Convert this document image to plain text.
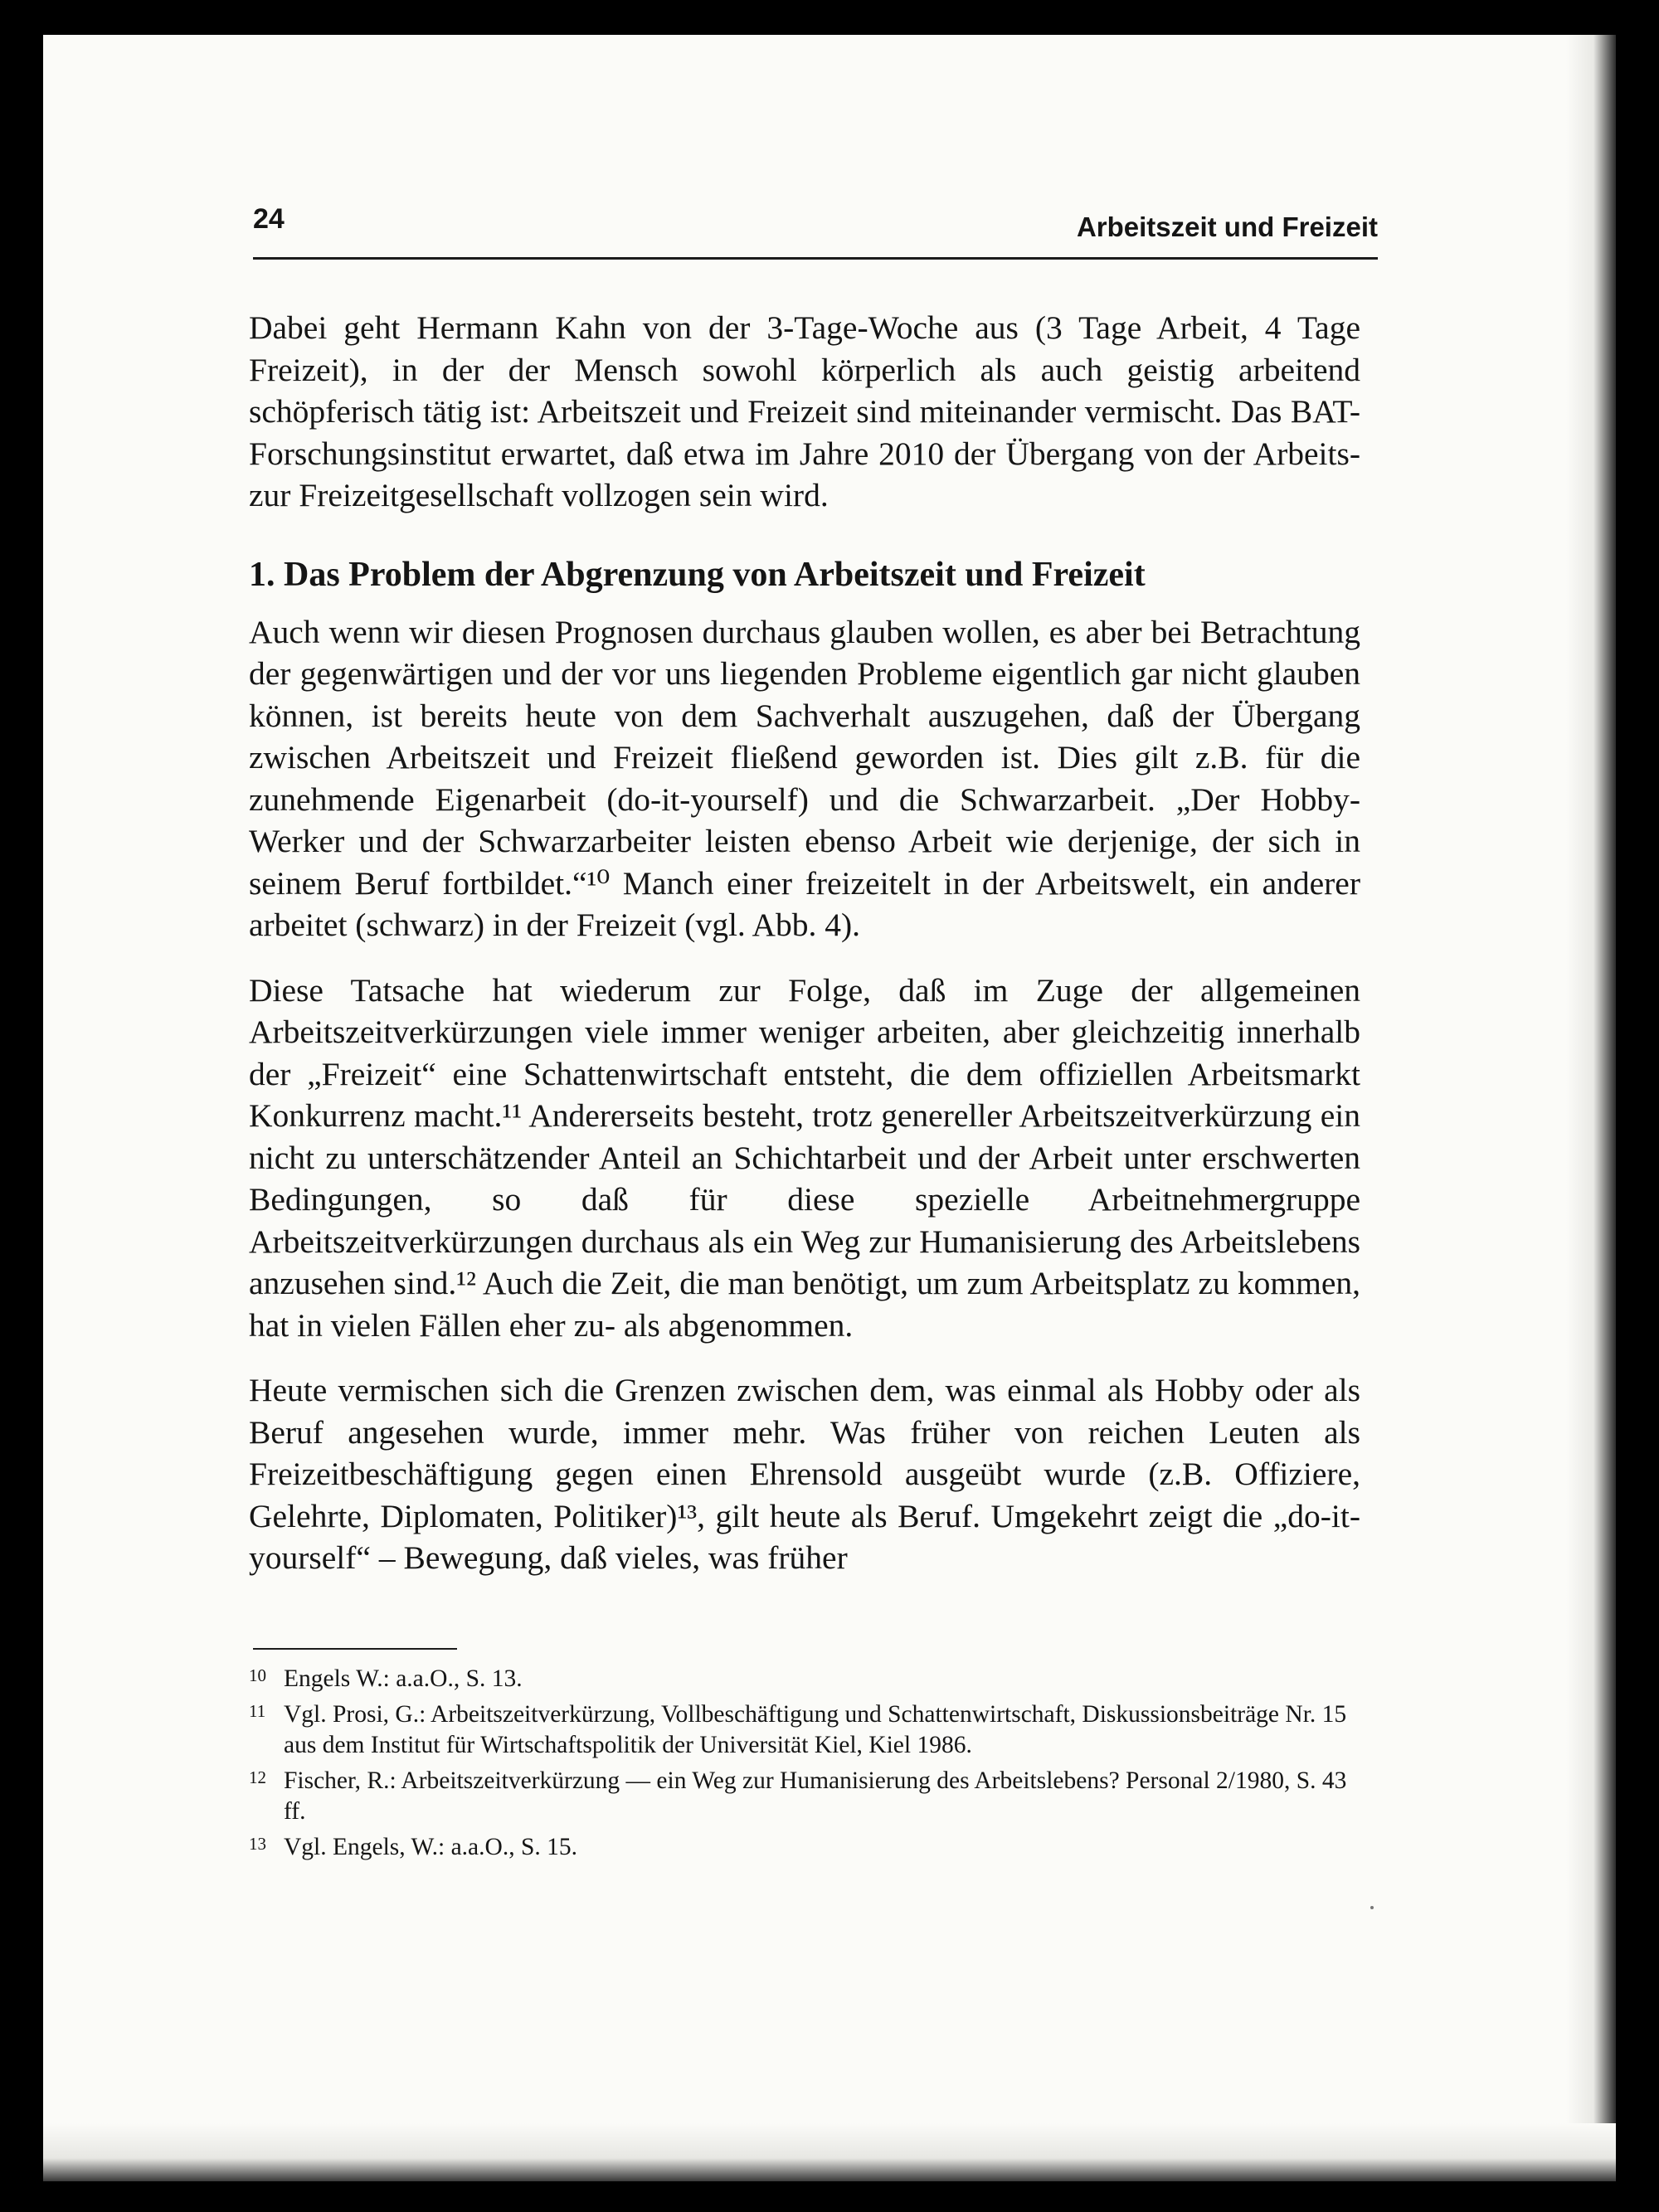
24	Arbeitszeit und Freizeit

Dabei geht Hermann Kahn von der 3-Tage-Woche aus (3 Tage Arbeit, 4 Tage Freizeit), in der der Mensch sowohl körperlich als auch geistig arbeitend schöpferisch tätig ist: Arbeitszeit und Freizeit sind miteinander vermischt. Das BAT-Forschungsinstitut erwartet, daß etwa im Jahre 2010 der Übergang von der Arbeits- zur Freizeitgesellschaft vollzogen sein wird.

1. Das Problem der Abgrenzung von Arbeitszeit und Freizeit

Auch wenn wir diesen Prognosen durchaus glauben wollen, es aber bei Betrachtung der gegenwärtigen und der vor uns liegenden Probleme eigentlich gar nicht glauben können, ist bereits heute von dem Sachverhalt auszugehen, daß der Übergang zwischen Arbeitszeit und Freizeit fließend geworden ist. Dies gilt z.B. für die zunehmende Eigenarbeit (do-it-yourself) und die Schwarzarbeit. „Der Hobby-Werker und der Schwarzarbeiter leisten ebenso Arbeit wie derjenige, der sich in seinem Beruf fortbildet.“¹⁰ Manch einer freizeitelt in der Arbeitswelt, ein anderer arbeitet (schwarz) in der Freizeit (vgl. Abb. 4).

Diese Tatsache hat wiederum zur Folge, daß im Zuge der allgemeinen Arbeitszeitverkürzungen viele immer weniger arbeiten, aber gleichzeitig innerhalb der „Freizeit“ eine Schattenwirtschaft entsteht, die dem offiziellen Arbeitsmarkt Konkurrenz macht.¹¹ Andererseits besteht, trotz genereller Arbeitszeitverkürzung ein nicht zu unterschätzender Anteil an Schichtarbeit und der Arbeit unter erschwerten Bedingungen, so daß für diese spezielle Arbeitnehmergruppe Arbeitszeitverkürzungen durchaus als ein Weg zur Humanisierung des Arbeitslebens anzusehen sind.¹² Auch die Zeit, die man benötigt, um zum Arbeitsplatz zu kommen, hat in vielen Fällen eher zu- als abgenommen.

Heute vermischen sich die Grenzen zwischen dem, was einmal als Hobby oder als Beruf angesehen wurde, immer mehr. Was früher von reichen Leuten als Freizeitbeschäftigung gegen einen Ehrensold ausgeübt wurde (z.B. Offiziere, Gelehrte, Diplomaten, Politiker)¹³, gilt heute als Beruf. Umgekehrt zeigt die „do-it-yourself“ – Bewegung, daß vieles, was früher

10 Engels W.: a.a.O., S. 13.
11 Vgl. Prosi, G.: Arbeitszeitverkürzung, Vollbeschäftigung und Schattenwirtschaft, Diskussionsbeiträge Nr. 15 aus dem Institut für Wirtschaftspolitik der Universität Kiel, Kiel 1986.
12 Fischer, R.: Arbeitszeitverkürzung — ein Weg zur Humanisierung des Arbeitslebens? Personal 2/1980, S. 43 ff.
13 Vgl. Engels, W.: a.a.O., S. 15.
